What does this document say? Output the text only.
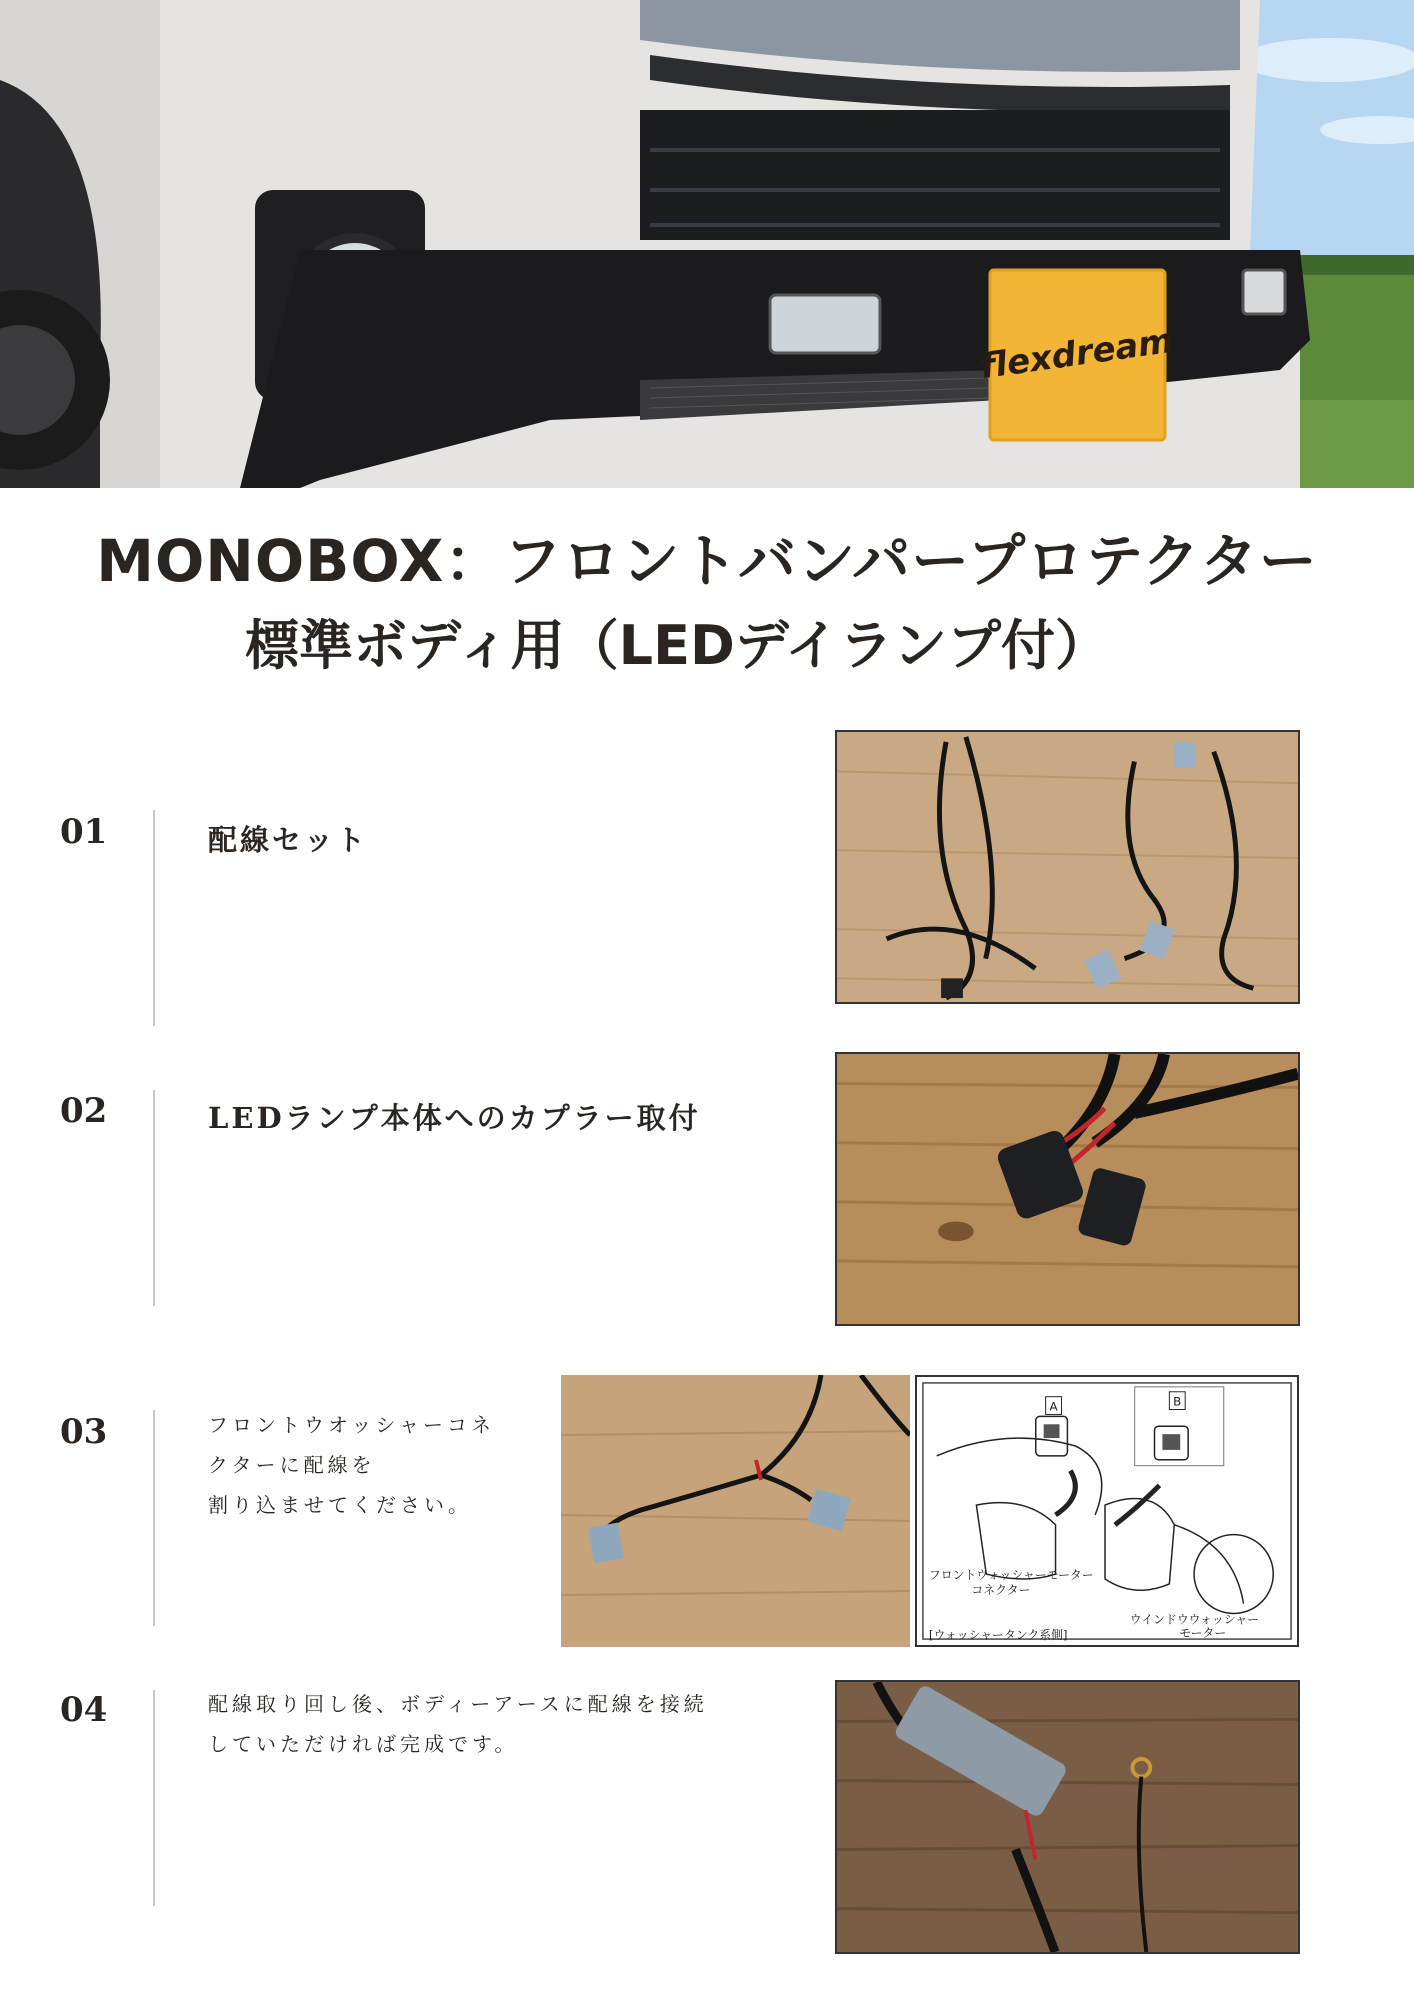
flexdream
MONOBOX：フロントバンパープロテクター
標準ボディ用（LEDデイランプ付）
01	配線セット
02	LEDランプ本体へのカプラー取付
03	フロントウオッシャーコネ
クターに配線を
割り込ませてください。
A	B
フロントウォッシャーモーター
コネクター
ウインドウウォッシャー
モーター
[ウォッシャータンク系側]
04	配線取り回し後、ボディーアースに配線を接続
していただければ完成です。
